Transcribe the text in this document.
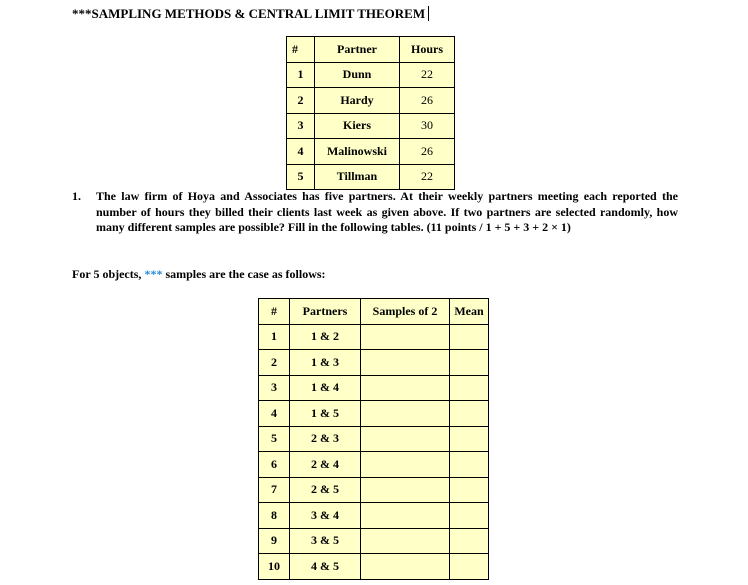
***SAMPLING METHODS & CENTRAL LIMIT THEOREM
#	Partner	Hours
1	Dunn	22
2	Hardy	26
3	Kiers	30
4	Malinowski	26
5	Tillman	22
1. The law firm of Hoya and Associates has five partners. At their weekly partners meeting each reported the number of hours they billed their clients last week as given above. If two partners are selected randomly, how many different samples are possible? Fill in the following tables. (11 points / 1 + 5 + 3 + 2 × 1)
For 5 objects, *** samples are the case as follows:
#	Partners	Samples of 2	Mean
1	1 & 2		
2	1 & 3		
3	1 & 4		
4	1 & 5		
5	2 & 3		
6	2 & 4		
7	2 & 5		
8	3 & 4		
9	3 & 5		
10	4 & 5		
